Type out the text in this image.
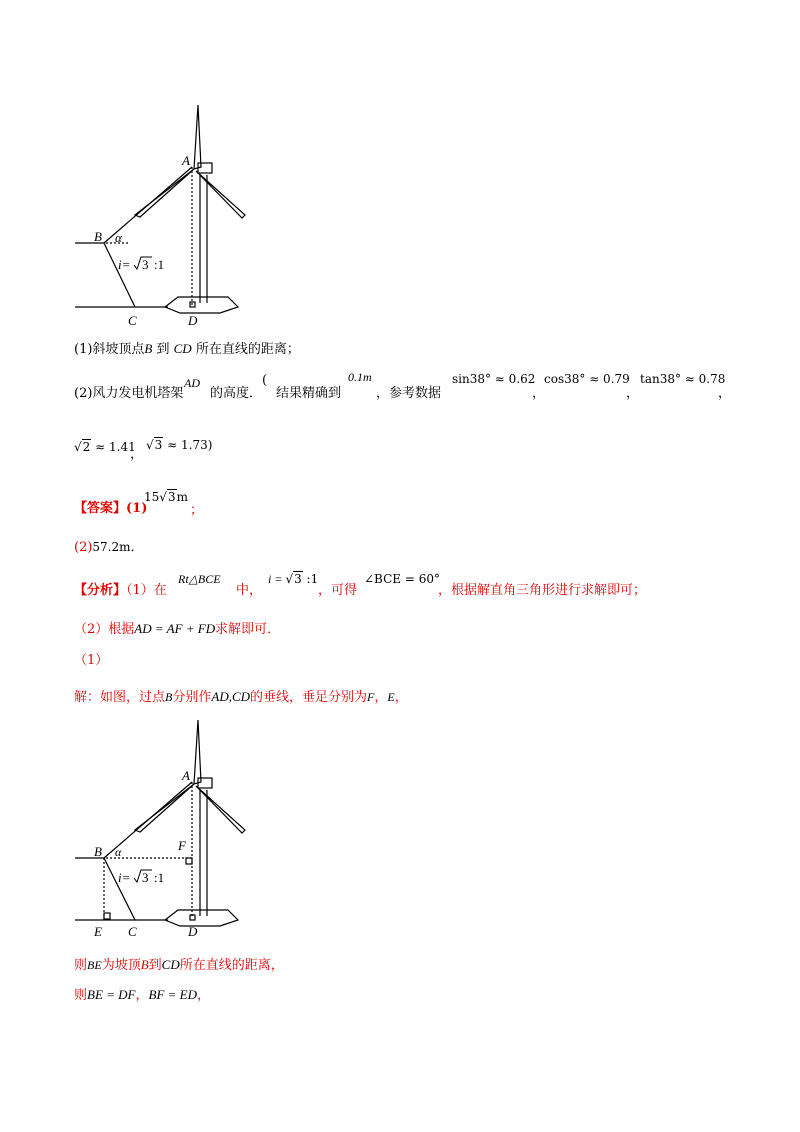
A
B α
C	D
i= 3 :1
(1)斜坡顶点B 到 CD 所在直线的距离；
(2)风力发电机塔架
AD
的高度．
(
结果精确到
0.1m
，参考数据
sin38° ≈ 0.62
，
cos38° ≈ 0.79
，
tan38° ≈ 0.78
，
√2 ≈ 1.41
，
√3 ≈ 1.73)
【答案】(1)
15√3m
；
(2)57.2m．
【分析】（1）在
Rt△BCE
中，
i = √3 :1
，可得
∠BCE = 60°
，根据解直角三角形进行求解即可；
（2）根据AD = AF + FD求解即可．
（1）
解：如图，过点B分别作AD,CD的垂线，垂足分别为F，E，
A
B α	F
E C	D
i= 3 :1
则BE为坡顶B到CD所在直线的距离，
则BE = DF，BF = ED，
